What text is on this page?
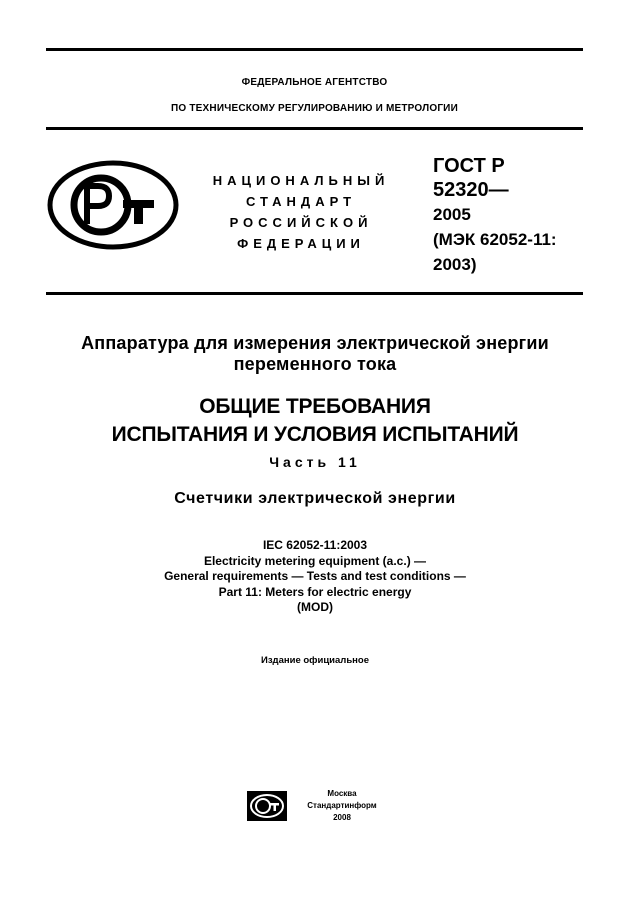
ФЕДЕРАЛЬНОЕ АГЕНТСТВО
ПО ТЕХНИЧЕСКОМУ РЕГУЛИРОВАНИЮ И МЕТРОЛОГИИ
НАЦИОНАЛЬНЫЙ
СТАНДАРТ
РОССИЙСКОЙ
ФЕДЕРАЦИИ
ГОСТ Р
52320—
2005
(МЭК 62052-11:
2003)
Аппаратура для измерения электрической энергии
переменного тока
ОБЩИЕ ТРЕБОВАНИЯ
ИСПЫТАНИЯ И УСЛОВИЯ ИСПЫТАНИЙ
Часть 11
Счетчики электрической энергии
IEC 62052-11:2003
Electricity metering equipment (a.c.) —
General requirements — Tests and test conditions —
Part 11: Meters for electric energy
(MOD)
Издание официальное
Москва
Стандартинформ
2008
